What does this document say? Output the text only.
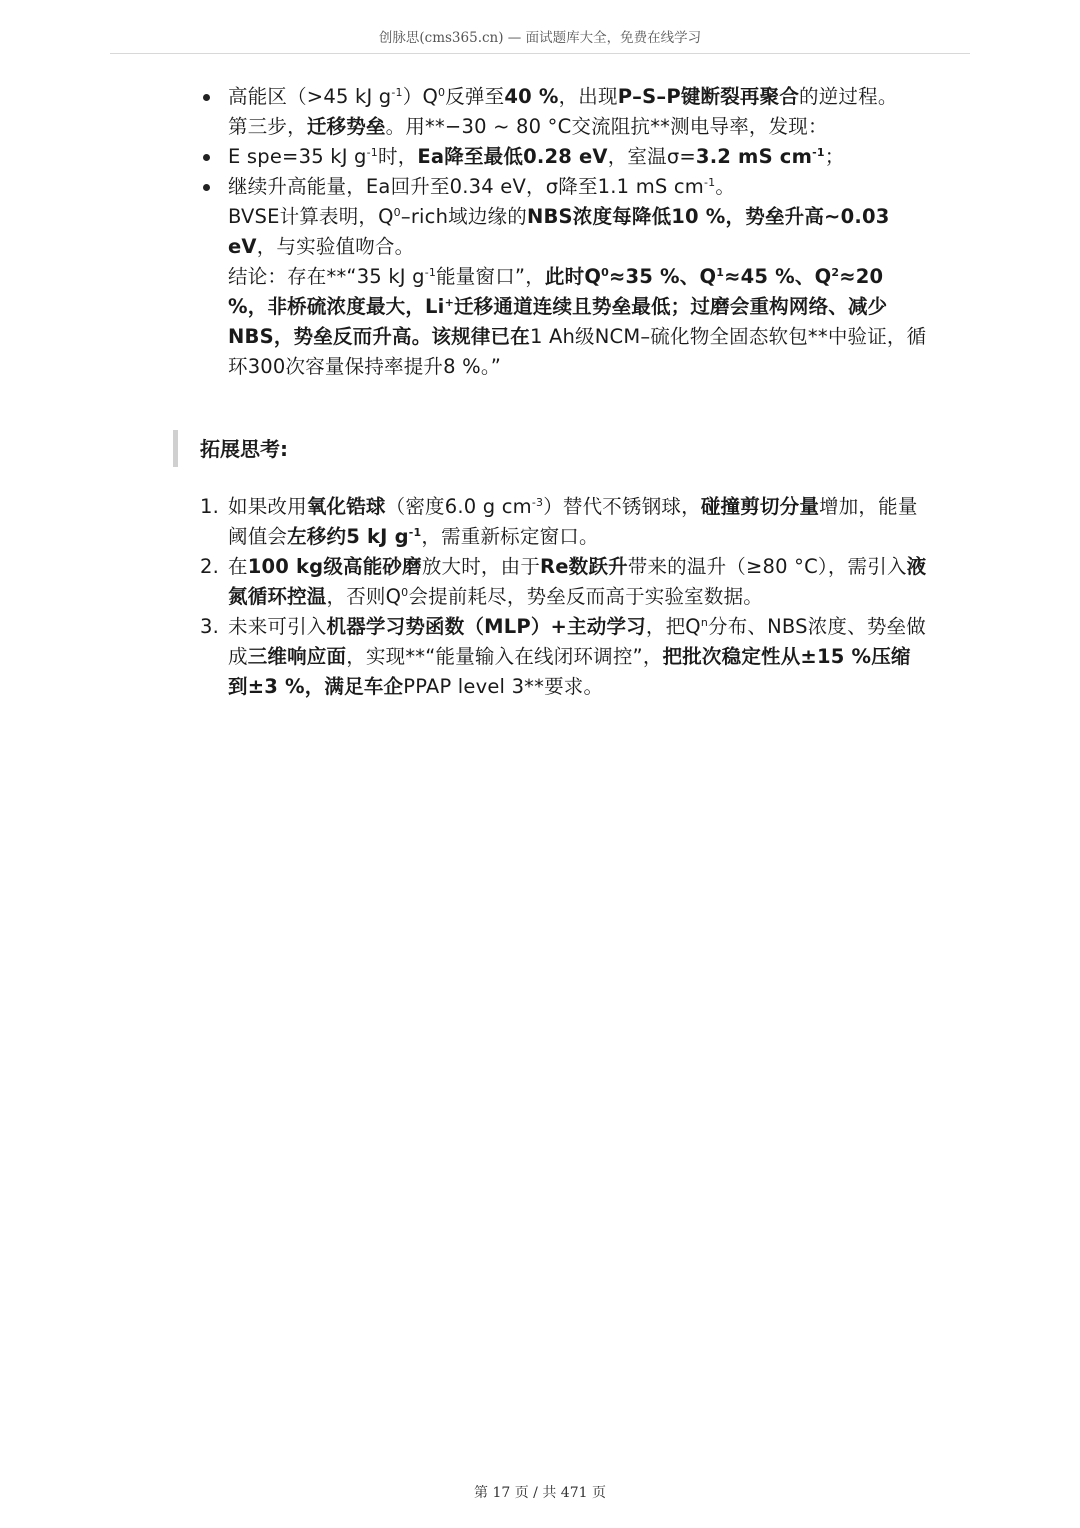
创脉思(cms365.cn) — 面试题库大全，免费在线学习
高能区（>45 kJ $g^{-1})Q^0$反弹至40 %，出现P–S–P键断裂再聚合的逆过程。
第三步，迁移势垒。用**−30 ~ 80 °C交流阻抗**测电导率，发现：
E spe=35 kJ $g^{-1}$时，Ea降至最低0.28 eV，室温σ=3.2 mS $cm^{-1}$；
继续升高能量，Ea回升至0.34 eV，σ降至1.1 mS $cm^{-1}$。
BVSE计算表明，$Q^0$–rich域边缘的NBS浓度每降低10 %，势垒升高~0.03 eV，与实验值吻合。
结论：存在**“35 kJ $g^{-1}$能量窗口”，此时$Q^0\approx 35$ %、$Q^1\approx 45$ %、$Q^2\approx 20$ %，非桥硫浓度最大，Li+迁移通道连续且势垒最低；过磨会重构网络、减少NBS，势垒反而升高。该规律已在1 Ah级NCM–硫化物全固态软包**中验证，循环300次容量保持率提升8 %。”
拓展思考:
1. 如果改用氧化锆球（密度6.0 g $cm^{-3}$）替代不锈钢球，碰撞剪切分量增加，能量阈值会左移约5 kJ $g^{-1}$，需重新标定窗口。
2. 在100 kg级高能砂磨放大时，由于Re数跃升带来的温升（≥80 °C），需引入液氮循环控温，否则$Q^0$会提前耗尽，势垒反而高于实验室数据。
3. 未来可引入机器学习势函数（MLP）+主动学习，把$Q^n$分布、NBS浓度、势垒做成三维响应面，实现**“能量输入在线闭环调控”，把批次稳定性从±15 %压缩到±3 %，满足车企PPAP level 3**要求。
第 17 页 / 共 471 页
